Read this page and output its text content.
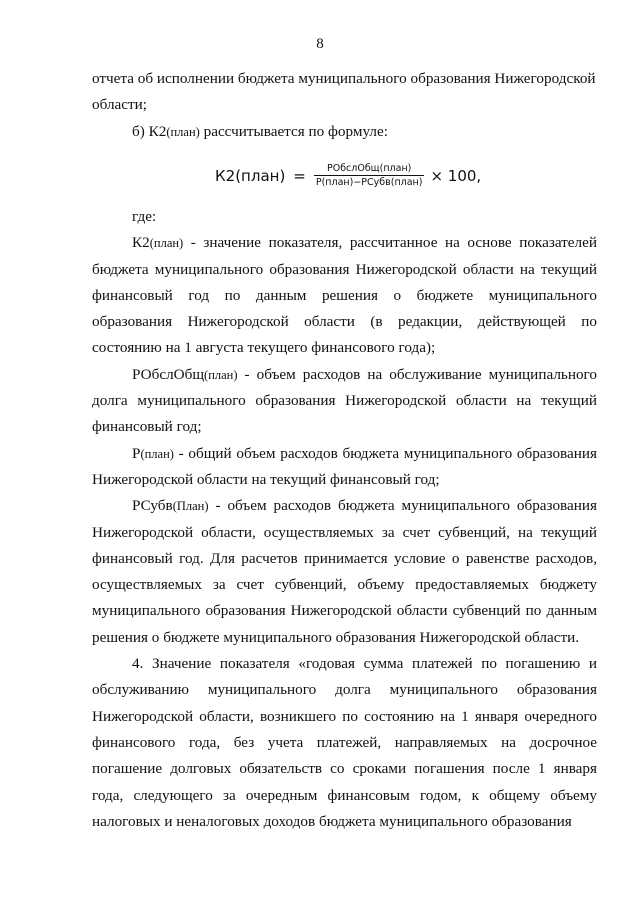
8

отчета об исполнении бюджета муниципального образования Нижегородской
области;

б) К2(план) рассчитывается по формуле:

К2(план) = $\frac{\text{РОбслОбщ(план)}}{\text{Р(план)−РСубв(план)}} \times 100$,

где:

К2(план) - значение показателя, рассчитанное на основе показателей бюджета муниципального образования Нижегородской области на текущий финансовый год по данным решения о бюджете муниципального образования Нижегородской области (в редакции, действующей по состоянию на 1 августа текущего финансового года);

РОбслОбщ(план) - объем расходов на обслуживание муниципального долга муниципального образования Нижегородской области на текущий финансовый год;

Р(план) - общий объем расходов бюджета муниципального образования Нижегородской области на текущий финансовый год;

РСубв(План) - объем расходов бюджета муниципального образования Нижегородской области, осуществляемых за счет субвенций, на текущий финансовый год. Для расчетов принимается условие о равенстве расходов, осуществляемых за счет субвенций, объему предоставляемых бюджету муниципального образования Нижегородской области субвенций по данным решения о бюджете муниципального образования Нижегородской области.

4. Значение показателя «годовая сумма платежей по погашению и обслуживанию муниципального долга муниципального образования Нижегородской области, возникшего по состоянию на 1 января очередного финансового года, без учета платежей, направляемых на досрочное погашение долговых обязательств со сроками погашения после 1 января года, следующего за очередным финансовым годом, к общему объему налоговых и неналоговых доходов бюджета муниципального образования
